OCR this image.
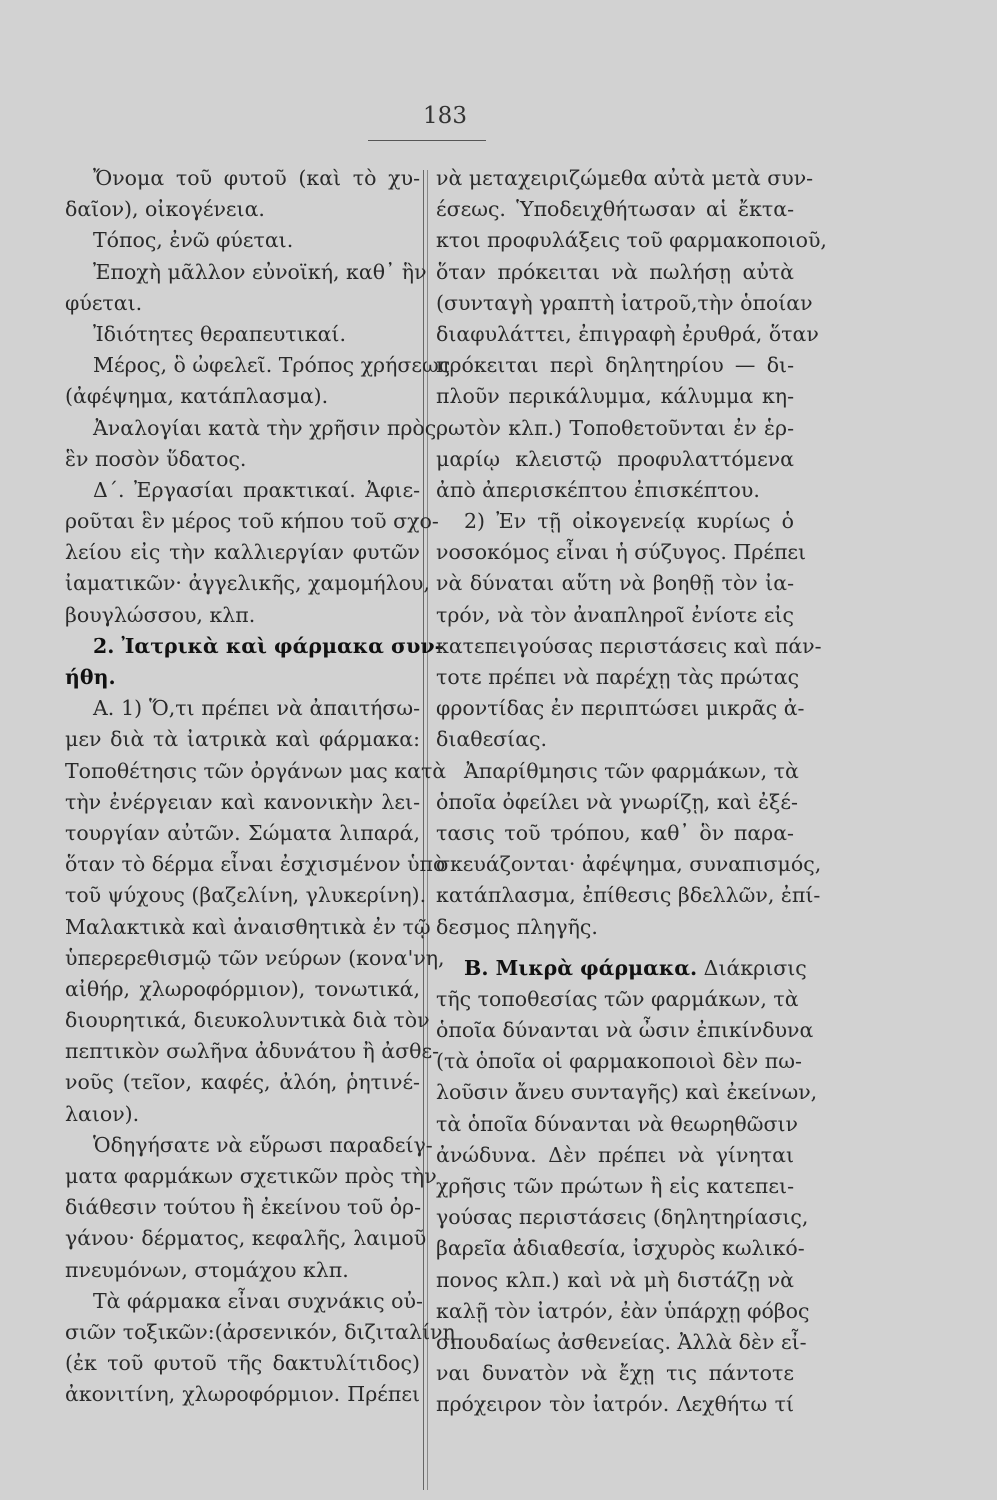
183
Ὄνομα τοῦ φυτοῦ (καὶ τὸ χυ-
δαῖον), οἰκογένεια.
Τόπος, ἐνῶ φύεται.
Ἐποχὴ μᾶλλον εὐνοϊκή, καθ᾽ ἣν
φύεται.
Ἰδιότητες θεραπευτικαί.
Μέρος, ὃ ὠφελεῖ. Τρόπος χρήσεως
(ἀφέψημα, κατάπλασμα).
Ἀναλογίαι κατὰ τὴν χρῆσιν πρὸς
ἓν ποσὸν ὕδατος.
Δ΄. Ἐργασίαι πρακτικαί. Ἀφιε-
ροῦται ἓν μέρος τοῦ κήπου τοῦ σχο-
λείου εἰς τὴν καλλιεργίαν φυτῶν
ἰαματικῶν· ἀγγελικῆς, χαμομήλου,
βουγλώσσου, κλπ.
2. Ἰατρικὰ καὶ φάρμακα συν-
ήθη.
Α. 1) Ὅ,τι πρέπει νὰ ἀπαιτήσω-
μεν διὰ τὰ ἰατρικὰ καὶ φάρμακα:
Τοποθέτησις τῶν ὀργάνων μας κατὰ
τὴν ἐνέργειαν καὶ κανονικὴν λει-
τουργίαν αὐτῶν. Σώματα λιπαρά,
ὅταν τὸ δέρμα εἶναι ἐσχισμένον ὑπὸ
τοῦ ψύχους (βαζελίνη, γλυκερίνη).
Μαλακτικὰ καὶ ἀναισθητικὰ ἐν τῷ
ὑπερερεθισμῷ τῶν νεύρων (κονα'νη,
αἰθήρ, χλωροφόρμιον), τονωτικά,
διουρητικά, διευκολυντικὰ διὰ τὸν
πεπτικὸν σωλῆνα ἀδυνάτου ἢ ἀσθε-
νοῦς (τεῖον, καφές, ἀλόη, ῥητινέ-
λαιον).
Ὁδηγήσατε νὰ εὕρωσι παραδείγ-
ματα φαρμάκων σχετικῶν πρὸς τὴν
διάθεσιν τούτου ἢ ἐκείνου τοῦ ὀρ-
γάνου· δέρματος, κεφαλῆς, λαιμοῦ
πνευμόνων, στομάχου κλπ.
Τὰ φάρμακα εἶναι συχνάκις οὐ-
σιῶν τοξικῶν:(ἀρσενικόν, διζιταλίνη
(ἐκ τοῦ φυτοῦ τῆς δακτυλίτιδος)
ἀκονιτίνη, χλωροφόρμιον. Πρέπει
νὰ μεταχειριζώμεθα αὐτὰ μετὰ συν-
έσεως. Ὑποδειχθήτωσαν αἱ ἔκτα-
κτοι προφυλάξεις τοῦ φαρμακοποιοῦ,
ὅταν πρόκειται νὰ πωλήσῃ αὐτὰ
(συνταγὴ γραπτὴ ἰατροῦ,τὴν ὁποίαν
διαφυλάττει, ἐπιγραφὴ ἐρυθρά, ὅταν
πρόκειται περὶ δηλητηρίου — δι-
πλοῦν περικάλυμμα, κάλυμμα κη-
ρωτὸν κλπ.) Τοποθετοῦνται ἐν ἑρ-
μαρίῳ κλειστῷ προφυλαττόμενα
ἀπὸ ἀπερισκέπτου ἐπισκέπτου.
2) Ἐν τῇ οἰκογενείᾳ κυρίως ὁ
νοσοκόμος εἶναι ἡ σύζυγος. Πρέπει
νὰ δύναται αὕτη νὰ βοηθῇ τὸν ἰα-
τρόν, νὰ τὸν ἀναπληροῖ ἐνίοτε εἰς
κατεπειγούσας περιστάσεις καὶ πάν-
τοτε πρέπει νὰ παρέχῃ τὰς πρώτας
φροντίδας ἐν περιπτώσει μικρᾶς ἀ-
διαθεσίας.
Ἀπαρίθμησις τῶν φαρμάκων, τὰ
ὁποῖα ὀφείλει νὰ γνωρίζῃ, καὶ ἐξέ-
τασις τοῦ τρόπου, καθ᾽ ὃν παρα-
σκευάζονται· ἀφέψημα, συναπισμός,
κατάπλασμα, ἐπίθεσις βδελλῶν, ἐπί-
δεσμος πληγῆς.
Β. Μικρὰ φάρμακα. Διάκρισις
τῆς τοποθεσίας τῶν φαρμάκων, τὰ
ὁποῖα δύνανται νὰ ὦσιν ἐπικίνδυνα
(τὰ ὁποῖα οἱ φαρμακοποιοὶ δὲν πω-
λοῦσιν ἄνευ συνταγῆς) καὶ ἐκείνων,
τὰ ὁποῖα δύνανται νὰ θεωρηθῶσιν
ἀνώδυνα. Δὲν πρέπει νὰ γίνηται
χρῆσις τῶν πρώτων ἢ εἰς κατεπει-
γούσας περιστάσεις (δηλητηρίασις,
βαρεῖα ἀδιαθεσία, ἰσχυρὸς κωλικό-
πονος κλπ.) καὶ νὰ μὴ διστάζῃ νὰ
καλῇ τὸν ἰατρόν, ἐὰν ὑπάρχῃ φόβος
σπουδαίως ἀσθενείας. Ἀλλὰ δὲν εἶ-
ναι δυνατὸν νὰ ἔχῃ τις πάντοτε
πρόχειρον τὸν ἰατρόν. Λεχθήτω τί
